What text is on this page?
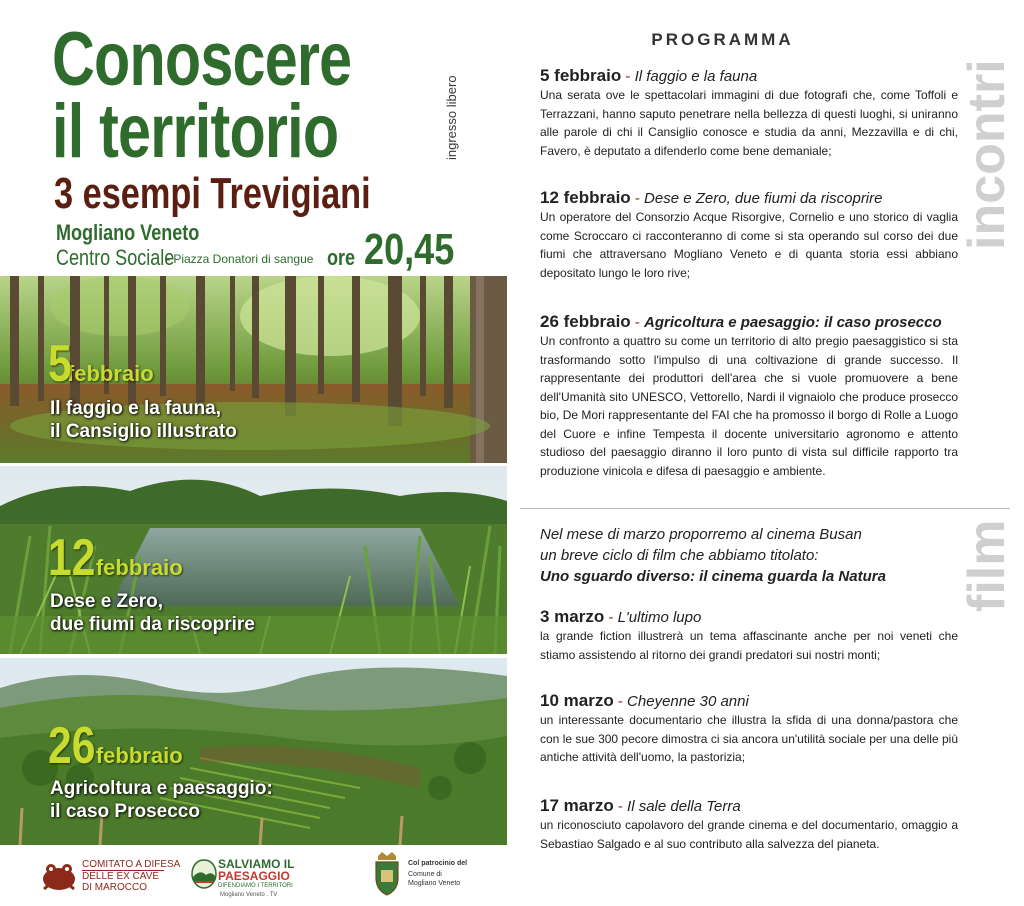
Conoscere
il territorio
3 esempi Trevigiani
ingresso libero
Mogliano Veneto
Centro Sociale
- Piazza Donatori di sangue ore 20,45
5febbraio
Il faggio e la fauna,
il Cansiglio illustrato
12febbraio
Dese e Zero,
due fiumi da riscoprire
26febbraio
Agricoltura e paesaggio:
il caso Prosecco
COMITATO A DIFESA
DELLE EX CAVE
DI MAROCCO
SALVIAMO IL
PAESAGGIO
DIFENDIAMO I TERRITORI
Mogliano Veneto . TV
Col patrocinio del
Comune di
Mogliano Veneto
PROGRAMMA
incontri
film
5 febbraio - Il faggio e la fauna
Una serata ove le spettacolari immagini di due fotografi che, come Toffoli e Terrazzani, hanno saputo penetrare nella bellezza di questi luoghi, si uniranno alle parole di chi il Cansiglio conosce e studia da anni, Mezzavilla e di chi, Favero, è deputato a difenderlo come bene demaniale;
12 febbraio - Dese e Zero, due fiumi da riscoprire
Un operatore del Consorzio Acque Risorgive, Cornelio e uno storico di vaglia come Scroccaro ci racconteranno di come si sta operando sul corso dei due fiumi che attraversano Mogliano Veneto e di quanta storia essi abbiano depositato lungo le loro rive;
26 febbraio - Agricoltura e paesaggio: il caso prosecco
Un confronto a quattro su come un territorio di alto pregio paesaggistico si sta trasformando sotto l'impulso di una coltivazione di grande successo. Il rappresentante dei produttori dell'area che si vuole promuovere a bene dell'Umanità sito UNESCO, Vettorello, Nardi il vignaiolo che produce prosecco bio, De Mori rappresentante del FAI che ha promosso il borgo di Rolle a Luogo del Cuore e infine Tempesta il docente universitario agronomo e attento studioso del paesaggio diranno il loro punto di vista sul difficile rapporto tra produzione vinicola e difesa di paesaggio e ambiente.
Nel mese di marzo proporremo al cinema Busan
un breve ciclo di film che abbiamo titolato:
Uno sguardo diverso: il cinema guarda la Natura
3 marzo - L'ultimo lupo
la grande fiction illustrerà un tema affascinante anche per noi veneti che stiamo assistendo al ritorno dei grandi predatori sui nostri monti;
10 marzo - Cheyenne 30 anni
un interessante documentario che illustra la sfida di una donna/pastora che con le sue 300 pecore dimostra ci sia ancora un'utilità sociale per una delle più antiche attività dell'uomo, la pastorizia;
17 marzo - Il sale della Terra
un riconosciuto capolavoro del grande cinema e del documentario, omaggio a Sebastiao Salgado e al suo contributo alla salvezza del pianeta.
